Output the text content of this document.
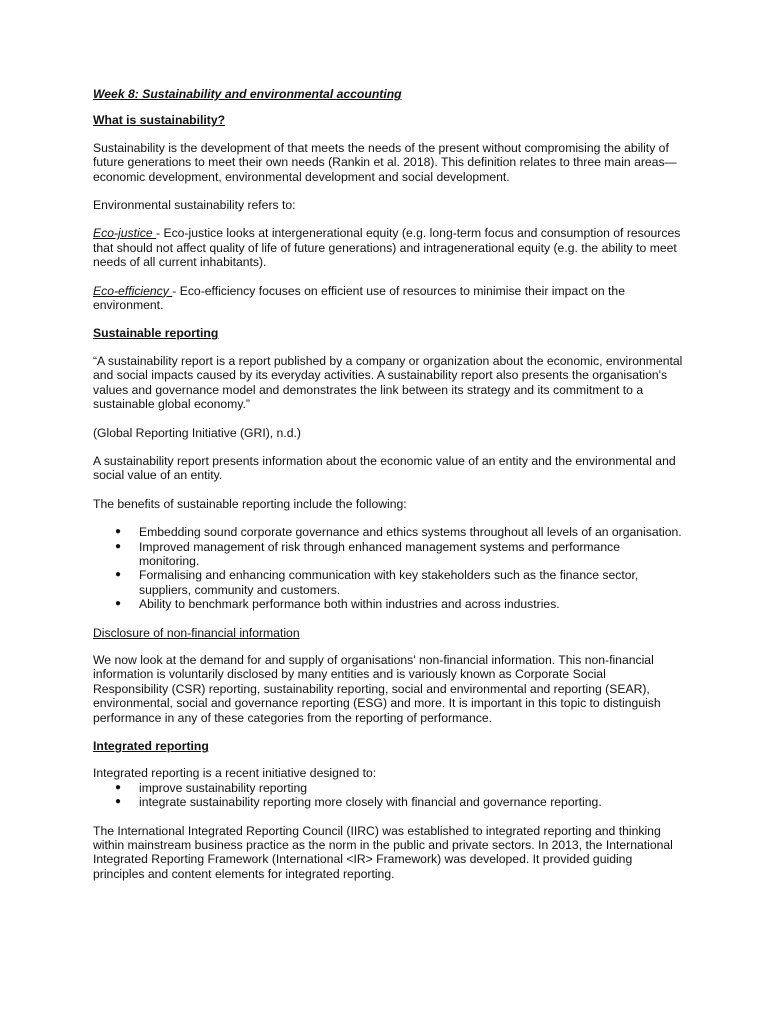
Week 8: Sustainability and environmental accounting

What is sustainability?

Sustainability is the development of that meets the needs of the present without compromising the ability of future generations to meet their own needs (Rankin et al. 2018). This definition relates to three main areas—economic development, environmental development and social development.

Environmental sustainability refers to:

Eco-justice - Eco-justice looks at intergenerational equity (e.g. long-term focus and consumption of resources that should not affect quality of life of future generations) and intragenerational equity (e.g. the ability to meet needs of all current inhabitants).

Eco-efficiency - Eco-efficiency focuses on efficient use of resources to minimise their impact on the environment.

Sustainable reporting

“A sustainability report is a report published by a company or organization about the economic, environmental and social impacts caused by its everyday activities. A sustainability report also presents the organisation's values and governance model and demonstrates the link between its strategy and its commitment to a sustainable global economy.”

(Global Reporting Initiative (GRI), n.d.)

A sustainability report presents information about the economic value of an entity and the environmental and social value of an entity.

The benefits of sustainable reporting include the following:

● Embedding sound corporate governance and ethics systems throughout all levels of an organisation.
● Improved management of risk through enhanced management systems and performance monitoring.
● Formalising and enhancing communication with key stakeholders such as the finance sector, suppliers, community and customers.
● Ability to benchmark performance both within industries and across industries.

Disclosure of non-financial information

We now look at the demand for and supply of organisations' non-financial information. This non-financial information is voluntarily disclosed by many entities and is variously known as Corporate Social Responsibility (CSR) reporting, sustainability reporting, social and environmental and reporting (SEAR), environmental, social and governance reporting (ESG) and more. It is important in this topic to distinguish performance in any of these categories from the reporting of performance.

Integrated reporting

Integrated reporting is a recent initiative designed to:

● improve sustainability reporting
● integrate sustainability reporting more closely with financial and governance reporting.

The International Integrated Reporting Council (IIRC) was established to integrated reporting and thinking within mainstream business practice as the norm in the public and private sectors. In 2013, the International Integrated Reporting Framework (International <IR> Framework) was developed. It provided guiding principles and content elements for integrated reporting.
